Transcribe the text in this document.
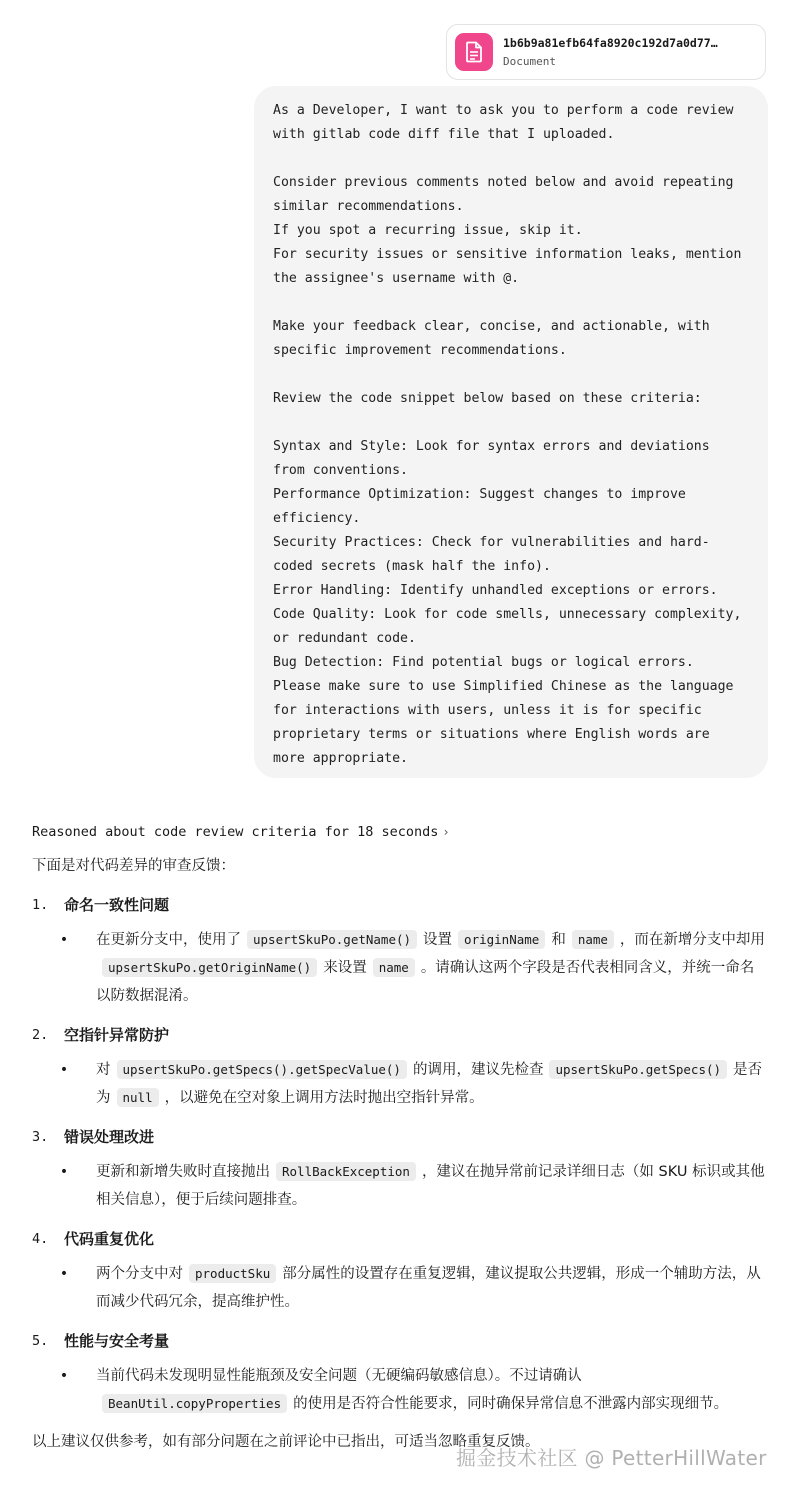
1b6b9a81efb64fa8920c192d7a0d77…
Document
As a Developer, I want to ask you to perform a code review
with gitlab code diff file that I uploaded.

Consider previous comments noted below and avoid repeating
similar recommendations.
If you spot a recurring issue, skip it.
For security issues or sensitive information leaks, mention
the assignee's username with @.

Make your feedback clear, concise, and actionable, with
specific improvement recommendations.

Review the code snippet below based on these criteria:

Syntax and Style: Look for syntax errors and deviations
from conventions.
Performance Optimization: Suggest changes to improve
efficiency.
Security Practices: Check for vulnerabilities and hard-
coded secrets (mask half the info).
Error Handling: Identify unhandled exceptions or errors.
Code Quality: Look for code smells, unnecessary complexity,
or redundant code.
Bug Detection: Find potential bugs or logical errors.
Please make sure to use Simplified Chinese as the language
for interactions with users, unless it is for specific
proprietary terms or situations where English words are
more appropriate.
Reasoned about code review criteria for 18 seconds ›

下面是对代码差异的审查反馈：

1.	命名一致性问题
•	在更新分支中，使用了 upsertSkuPo.getName() 设置 originName 和 name ，而在新增分支中却用upsertSkuPo.getOriginName() 来设置 name 。请确认这两个字段是否代表相同含义，并统一命名以防数据混淆。
2.	空指针异常防护
•	对 upsertSkuPo.getSpecs().getSpecValue() 的调用，建议先检查 upsertSkuPo.getSpecs() 是否为 null ，以避免在空对象上调用方法时抛出空指针异常。
3.	错误处理改进
•	更新和新增失败时直接抛出 RollBackException ，建议在抛异常前记录详细日志（如 SKU 标识或其他相关信息），便于后续问题排查。
4.	代码重复优化
•	两个分支中对 productSku 部分属性的设置存在重复逻辑，建议提取公共逻辑，形成一个辅助方法，从而减少代码冗余，提高维护性。
5.	性能与安全考量
•	当前代码未发现明显性能瓶颈及安全问题（无硬编码敏感信息）。不过请确认BeanUtil.copyProperties 的使用是否符合性能要求，同时确保异常信息不泄露内部实现细节。

以上建议仅供参考，如有部分问题在之前评论中已指出，可适当忽略重复反馈。

掘金技术社区 @ PetterHillWater
